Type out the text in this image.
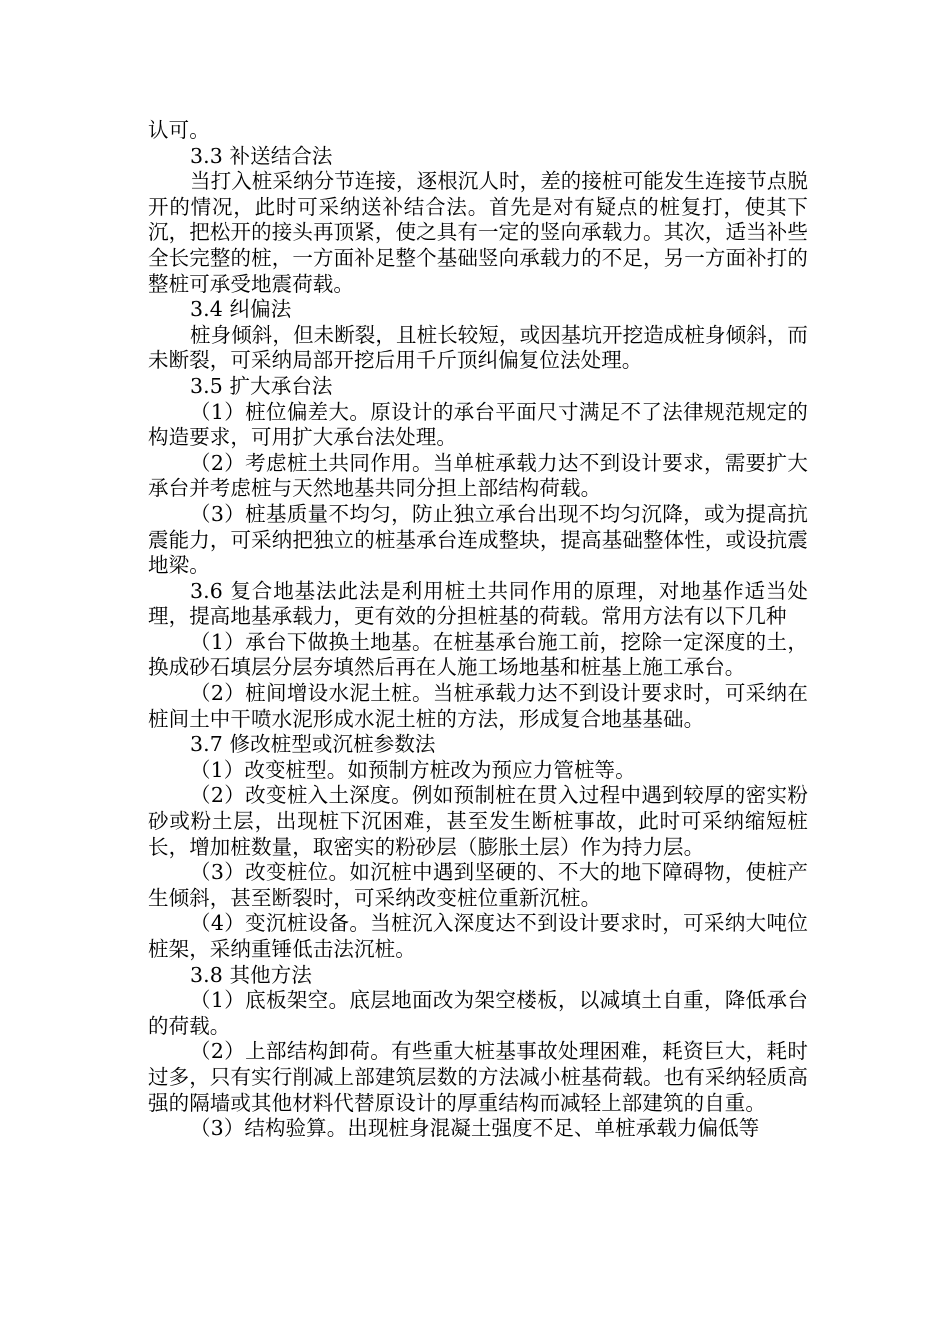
认可。

3.3 补送结合法

当打入桩采纳分节连接，逐根沉人时，差的接桩可能发生连接节点脱开的情况，此时可采纳送补结合法。首先是对有疑点的桩复打，使其下沉，把松开的接头再顶紧，使之具有一定的竖向承载力。其次，适当补些全长完整的桩，一方面补足整个基础竖向承载力的不足，另一方面补打的整桩可承受地震荷载。

3.4 纠偏法

桩身倾斜，但未断裂，且桩长较短，或因基坑开挖造成桩身倾斜，而未断裂，可采纳局部开挖后用千斤顶纠偏复位法处理。

3.5 扩大承台法

（1）桩位偏差大。原设计的承台平面尺寸满足不了法律规范规定的构造要求，可用扩大承台法处理。

（2）考虑桩土共同作用。当单桩承载力达不到设计要求，需要扩大承台并考虑桩与天然地基共同分担上部结构荷载。

（3）桩基质量不均匀，防止独立承台出现不均匀沉降，或为提高抗震能力，可采纳把独立的桩基承台连成整块，提高基础整体性，或设抗震地梁。

3.6 复合地基法此法是利用桩土共同作用的原理，对地基作适当处理，提高地基承载力，更有效的分担桩基的荷载。常用方法有以下几种

（1）承台下做换土地基。在桩基承台施工前，挖除一定深度的土，换成砂石填层分层夯填然后再在人施工场地基和桩基上施工承台。

（2）桩间增设水泥土桩。当桩承载力达不到设计要求时，可采纳在桩间土中干喷水泥形成水泥土桩的方法，形成复合地基基础。

3.7 修改桩型或沉桩参数法

（1）改变桩型。如预制方桩改为预应力管桩等。

（2）改变桩入土深度。例如预制桩在贯入过程中遇到较厚的密实粉砂或粉土层，出现桩下沉困难，甚至发生断桩事故，此时可采纳缩短桩长，增加桩数量，取密实的粉砂层（膨胀土层）作为持力层。

（3）改变桩位。如沉桩中遇到坚硬的、不大的地下障碍物，使桩产生倾斜，甚至断裂时，可采纳改变桩位重新沉桩。

（4）变沉桩设备。当桩沉入深度达不到设计要求时，可采纳大吨位桩架，采纳重锤低击法沉桩。

3.8 其他方法

（1）底板架空。底层地面改为架空楼板，以减填土自重，降低承台的荷载。

（2）上部结构卸荷。有些重大桩基事故处理困难，耗资巨大，耗时过多，只有实行削减上部建筑层数的方法减小桩基荷载。也有采纳轻质高强的隔墙或其他材料代替原设计的厚重结构而减轻上部建筑的自重。

（3）结构验算。出现桩身混凝土强度不足、单桩承载力偏低等
